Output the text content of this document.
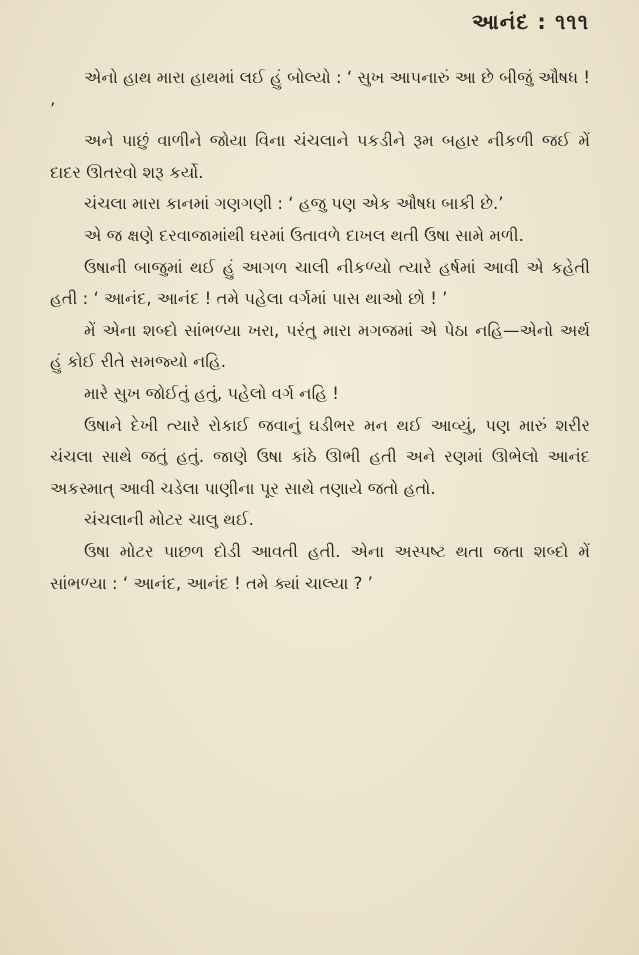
આનંદ : ૧૧૧

એનો હાથ મારા હાથમાં લઈ હું બોલ્યો : ‘ સુખ આપનારું આ છે બીજું ઔષધ ! ’

અને પાછું વાળીને જોયા વિના ચંચલાને પકડીને રૂમ બહાર નીકળી જઈ મેં દાદર ઊતરવો શરૂ કર્યો.

ચંચલા મારા કાનમાં ગણગણી : ‘ હજુ પણ એક ઔષધ બાકી છે.’

એ જ ક્ષણે દરવાજામાંથી ઘરમાં ઉતાવળે દાખલ થતી ઉષા સામે મળી.

ઉષાની બાજુમાં થઈ હું આગળ ચાલી નીકળ્યો ત્યારે હર્ષમાં આવી એ કહેતી હતી : ‘ આનંદ, આનંદ ! તમે પહેલા વર્ગમાં પાસ થાઓ છો ! ’

મેં એના શબ્દો સાંભળ્યા ખરા, પરંતુ મારા મગજમાં એ પેઠા નહિ—એનો અર્થ હું કોઈ રીતે સમજ્યો નહિ.

મારે સુખ જોઈતું હતું, પહેલો વર્ગ નહિ !

ઉષાને દેખી ત્યારે રોકાઈ જવાનું ઘડીભર મન થઈ આવ્યું, પણ મારું શરીર ચંચલા સાથે જતું હતું. જાણે ઉષા કાંઠે ઊભી હતી અને રણમાં ઊભેલો આનંદ અકસ્માત્ આવી ચડેલા પાણીના પૂર સાથે તણાયે જતો હતો.

ચંચલાની મોટર ચાલુ થઈ.

ઉષા મોટર પાછળ દોડી આવતી હતી. એના અસ્પષ્ટ થતા જતા શબ્દો મેં સાંભળ્યા : ‘ આનંદ, આનંદ ! તમે ક્યાં ચાલ્યા ? ’
